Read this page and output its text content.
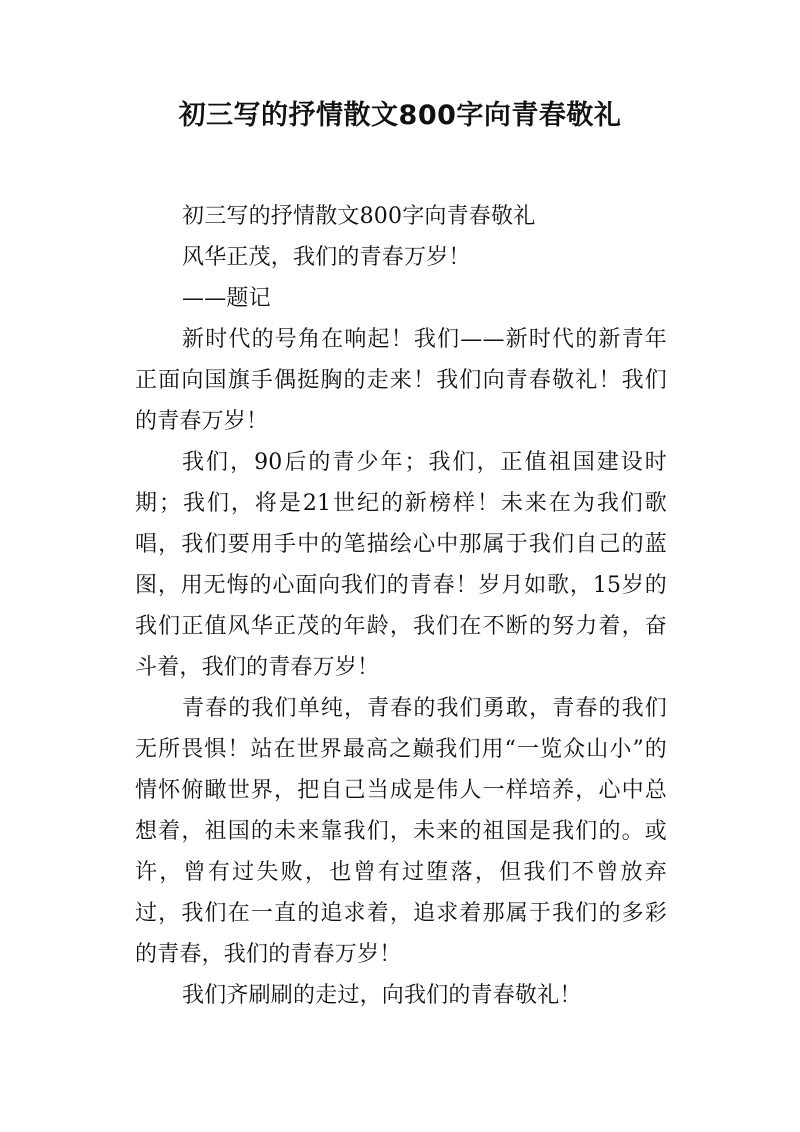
初三写的抒情散文800字向青春敬礼

初三写的抒情散文800字向青春敬礼

风华正茂，我们的青春万岁！

——题记

新时代的号角在响起！我们——新时代的新青年正面向国旗手偶挺胸的走来！我们向青春敬礼！我们的青春万岁！

我们，90后的青少年；我们，正值祖国建设时期；我们，将是21世纪的新榜样！未来在为我们歌唱，我们要用手中的笔描绘心中那属于我们自己的蓝图，用无悔的心面向我们的青春！岁月如歌，15岁的我们正值风华正茂的年龄，我们在不断的努力着，奋斗着，我们的青春万岁！

青春的我们单纯，青春的我们勇敢，青春的我们无所畏惧！站在世界最高之巅我们用“一览众山小”的情怀俯瞰世界，把自己当成是伟人一样培养，心中总想着，祖国的未来靠我们，未来的祖国是我们的。或许，曾有过失败，也曾有过堕落，但我们不曾放弃过，我们在一直的追求着，追求着那属于我们的多彩的青春，我们的青春万岁！

我们齐刷刷的走过，向我们的青春敬礼！
